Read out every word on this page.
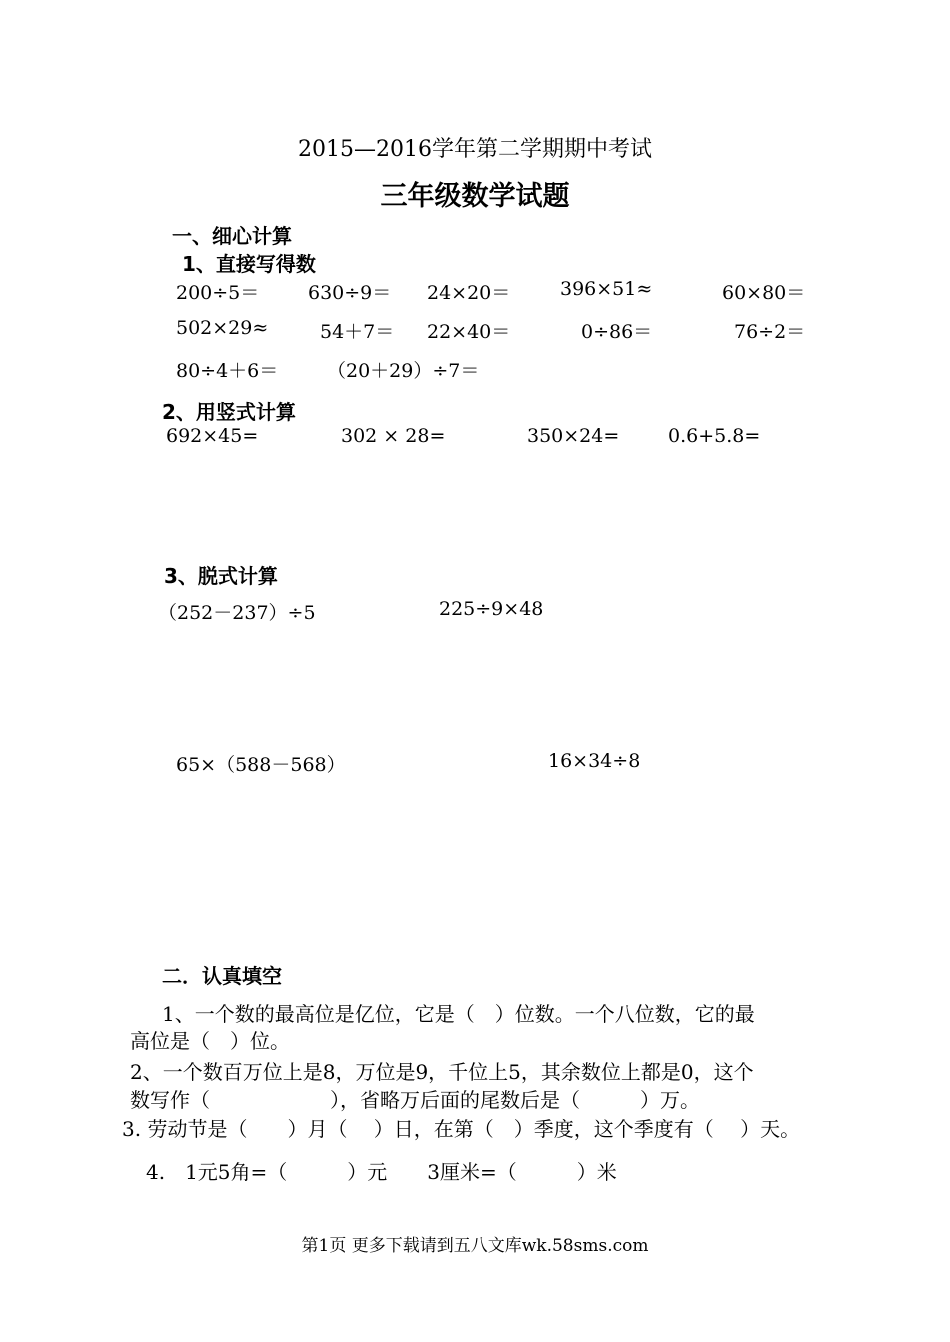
2015—2016学年第二学期期中考试
三年级数学试题
一、细心计算
1、直接写得数
200÷5＝	630÷9＝ 24×20＝	396×51≈	60×80＝
502×29≈	54＋7＝ 22×40＝	0÷86＝	76÷2＝
80÷4＋6＝	（20＋29）÷7＝
2、用竖式计算
692×45=	302 × 28=	350×24=	0.6+5.8=
3、脱式计算
（252－237）÷5	225÷9×48
65×（588－568）	16×34÷8
二．认真填空
1、一个数的最高位是亿位，它是（　）位数。一个八位数，它的最
高位是（　）位。
2、一个数百万位上是8，万位是9，千位上5，其余数位上都是0，这个
数写作（　　　　　　），省略万后面的尾数后是（　　　）万。
3. 劳动节是（　　）月（　 ）日，在第（　）季度，这个季度有（　 ）天。
4.　1元5角=（　　　）元　　3厘米=（　　　）米
第1页 更多下载请到五八文库wk.58sms.com
